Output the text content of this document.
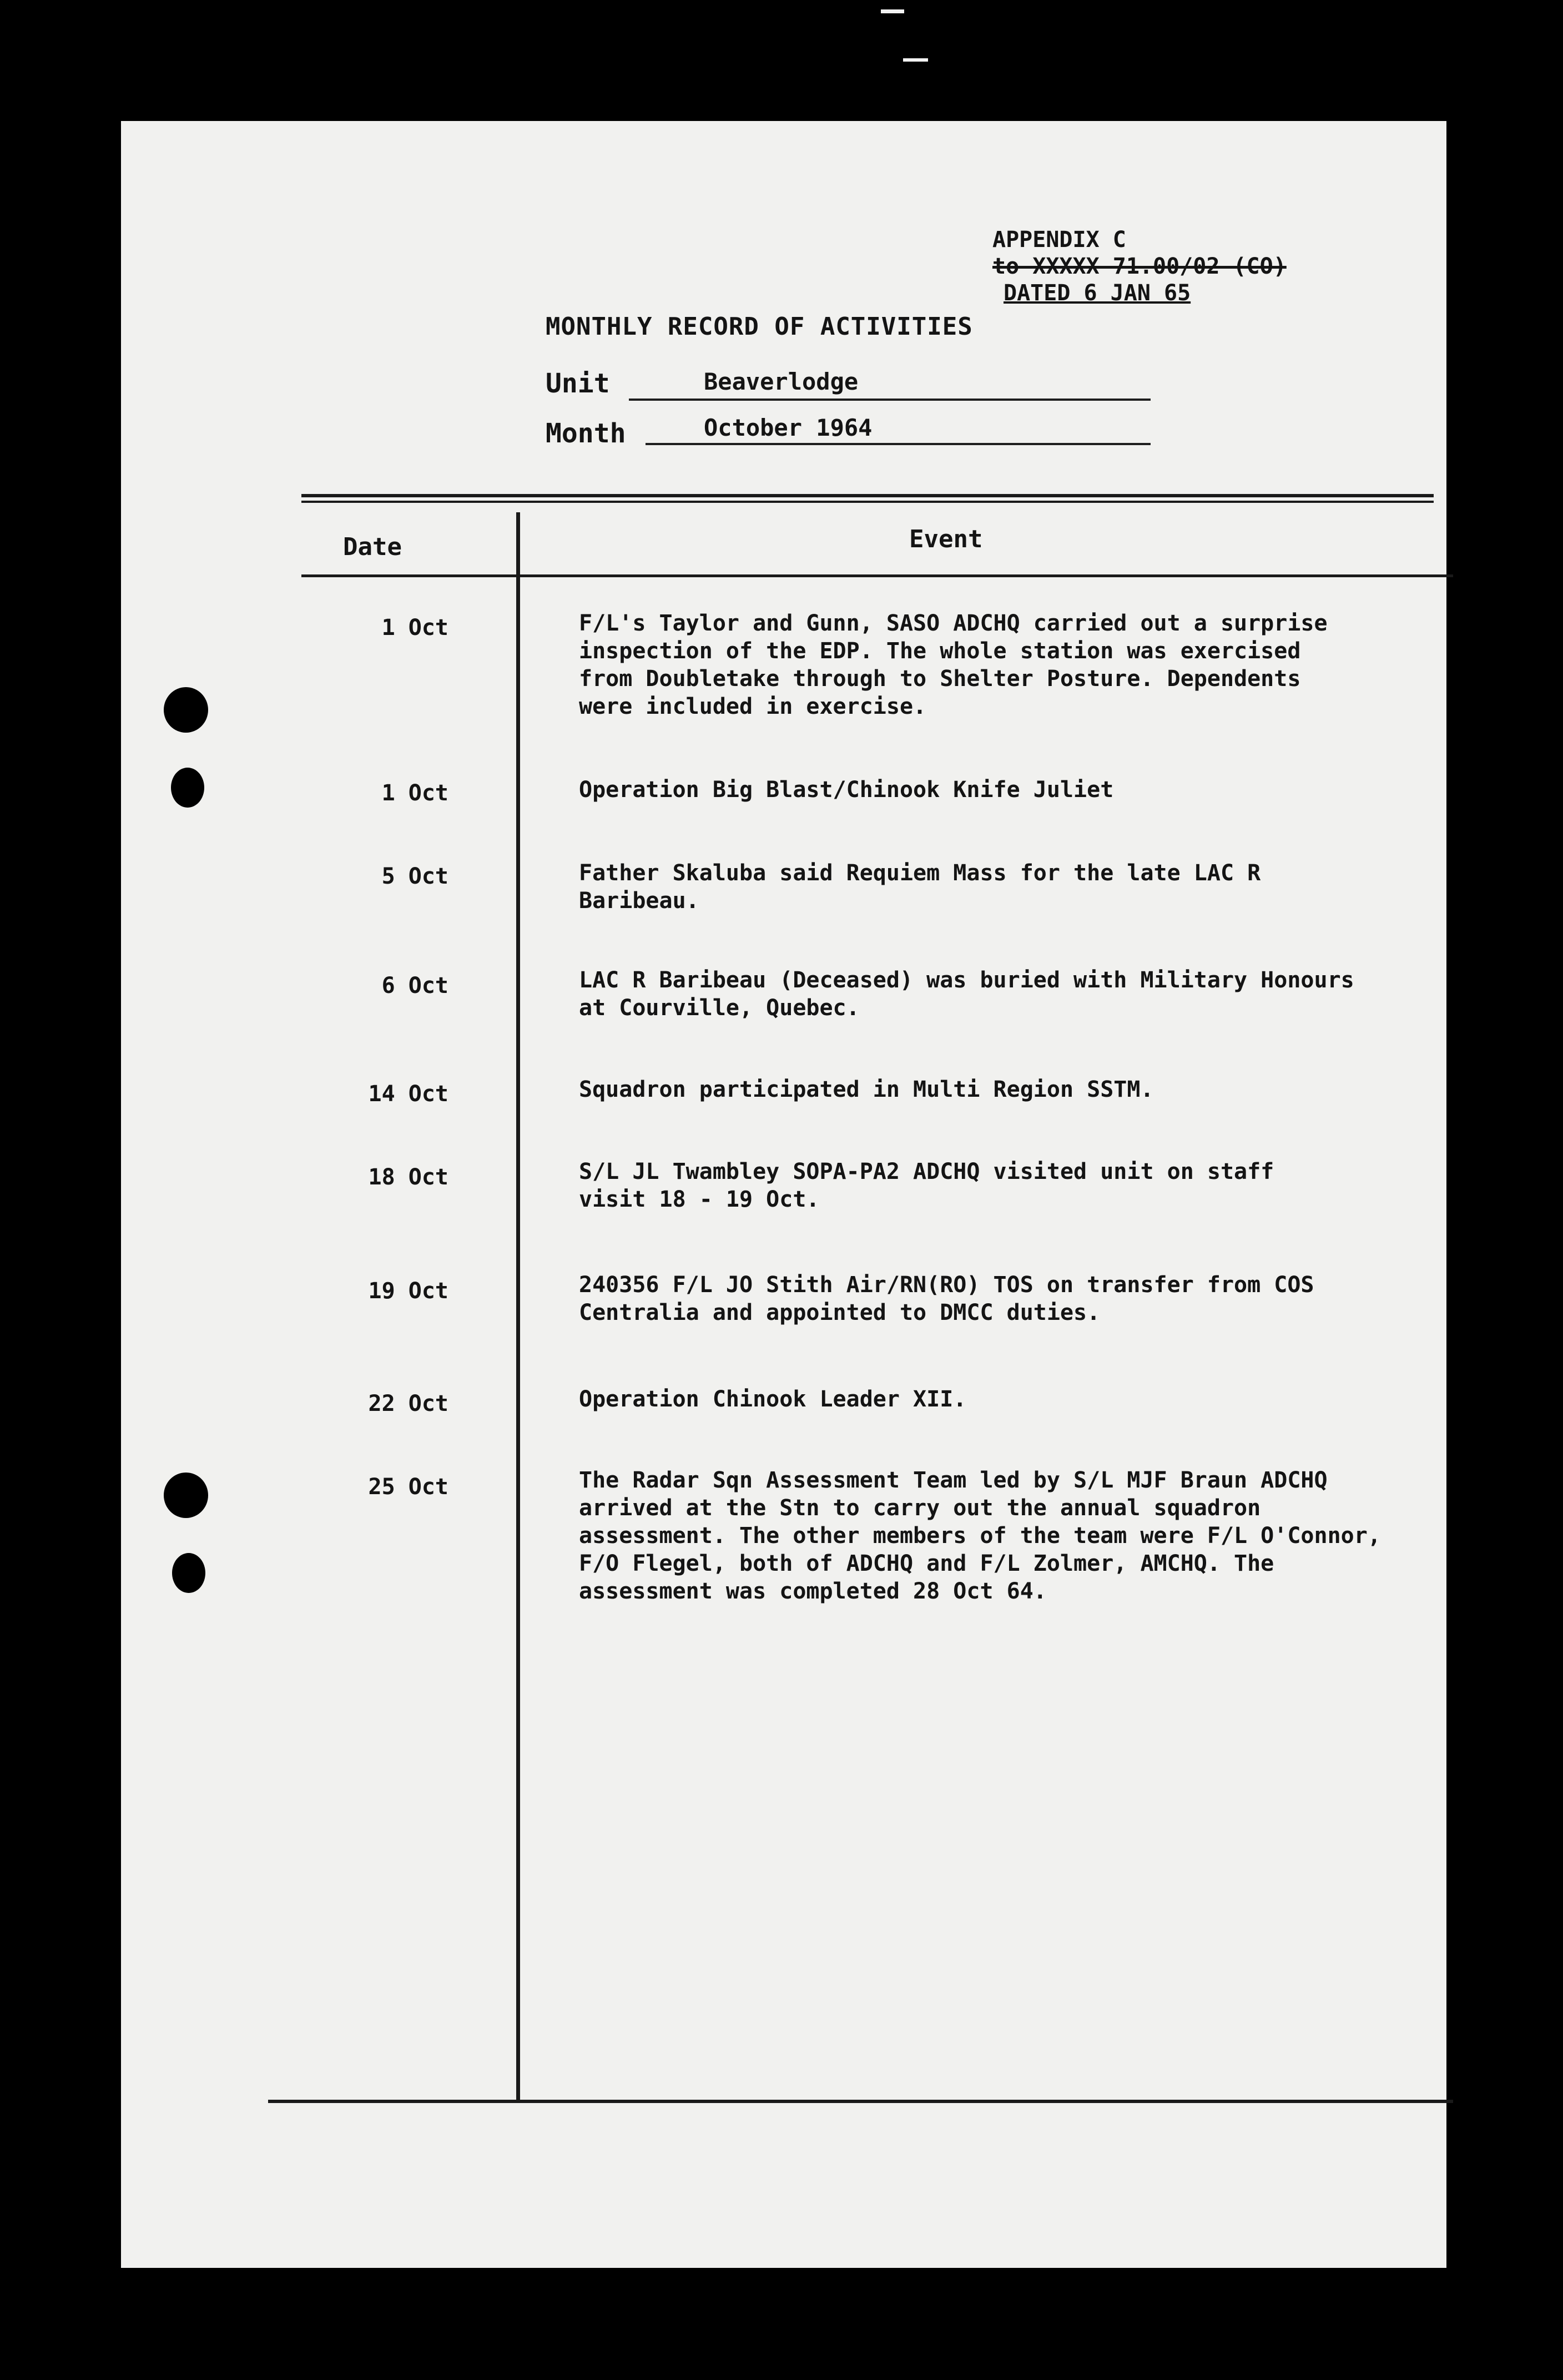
APPENDIX C
to XXXXX 71.00/02 (CO)
DATED 6 JAN 65
MONTHLY RECORD OF ACTIVITIES
Unit	Beaverlodge
Month	October 1964
Date	Event
1 Oct	F/L's Taylor and Gunn, SASO ADCHQ carried out a surprise
inspection of the EDP. The whole station was exercised
from Doubletake through to Shelter Posture. Dependents
were included in exercise.
1 Oct	Operation Big Blast/Chinook Knife Juliet
5 Oct	Father Skaluba said Requiem Mass for the late LAC R
Baribeau.
6 Oct	LAC R Baribeau (Deceased) was buried with Military Honours
at Courville, Quebec.
14 Oct	Squadron participated in Multi Region SSTM.
18 Oct	S/L JL Twambley SOPA-PA2 ADCHQ visited unit on staff
visit 18 - 19 Oct.
19 Oct	240356 F/L JO Stith Air/RN(RO) TOS on transfer from COS
Centralia and appointed to DMCC duties.
22 Oct	Operation Chinook Leader XII.
25 Oct	The Radar Sqn Assessment Team led by S/L MJF Braun ADCHQ
arrived at the Stn to carry out the annual squadron
assessment. The other members of the team were F/L O'Connor,
F/O Flegel, both of ADCHQ and F/L Zolmer, AMCHQ. The
assessment was completed 28 Oct 64.
